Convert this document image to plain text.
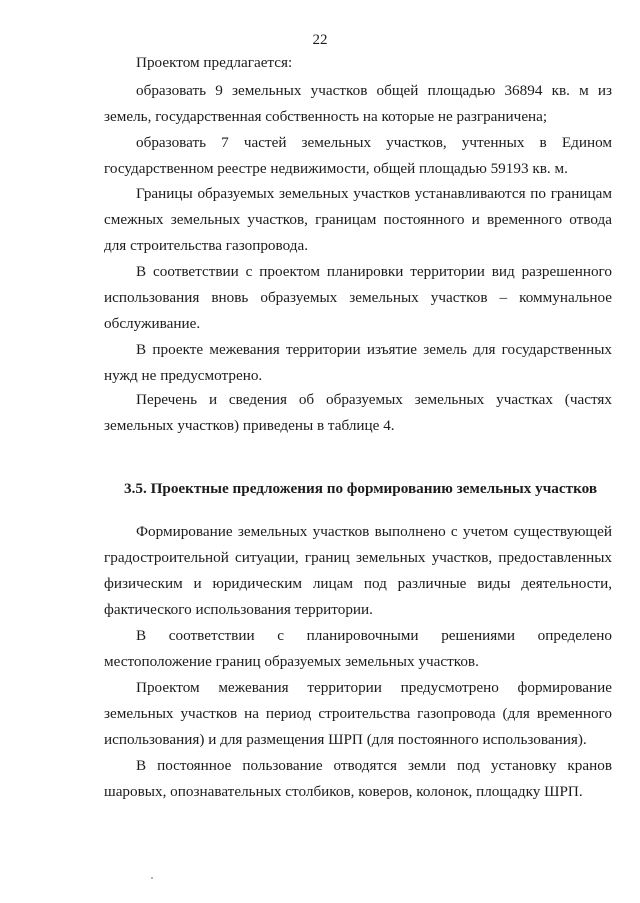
22
Проектом предлагается:
образовать 9 земельных участков общей площадью 36894 кв. м из земель, государственная собственность на которые не разграничена;
образовать 7 частей земельных участков, учтенных в Едином государственном реестре недвижимости, общей площадью 59193 кв. м.
Границы образуемых земельных участков устанавливаются по границам смежных земельных участков, границам постоянного и временного отвода для строительства газопровода.
В соответствии с проектом планировки территории вид разрешенного использования вновь образуемых земельных участков – коммунальное обслуживание.
В проекте межевания территории изъятие земель для государственных нужд не предусмотрено.
Перечень и сведения об образуемых земельных участках (частях земельных участков) приведены в таблице 4.
3.5. Проектные предложения по формированию земельных участков
Формирование земельных участков выполнено с учетом существующей градостроительной ситуации, границ земельных участков, предоставленных физическим и юридическим лицам под различные виды деятельности, фактического использования территории.
В соответствии с планировочными решениями определено местоположение границ образуемых земельных участков.
Проектом межевания территории предусмотрено формирование земельных участков на период строительства газопровода (для временного использования) и для размещения ШРП (для постоянного использования).
В постоянное пользование отводятся земли под установку кранов шаровых, опознавательных столбиков, коверов, колонок, площадку ШРП.
